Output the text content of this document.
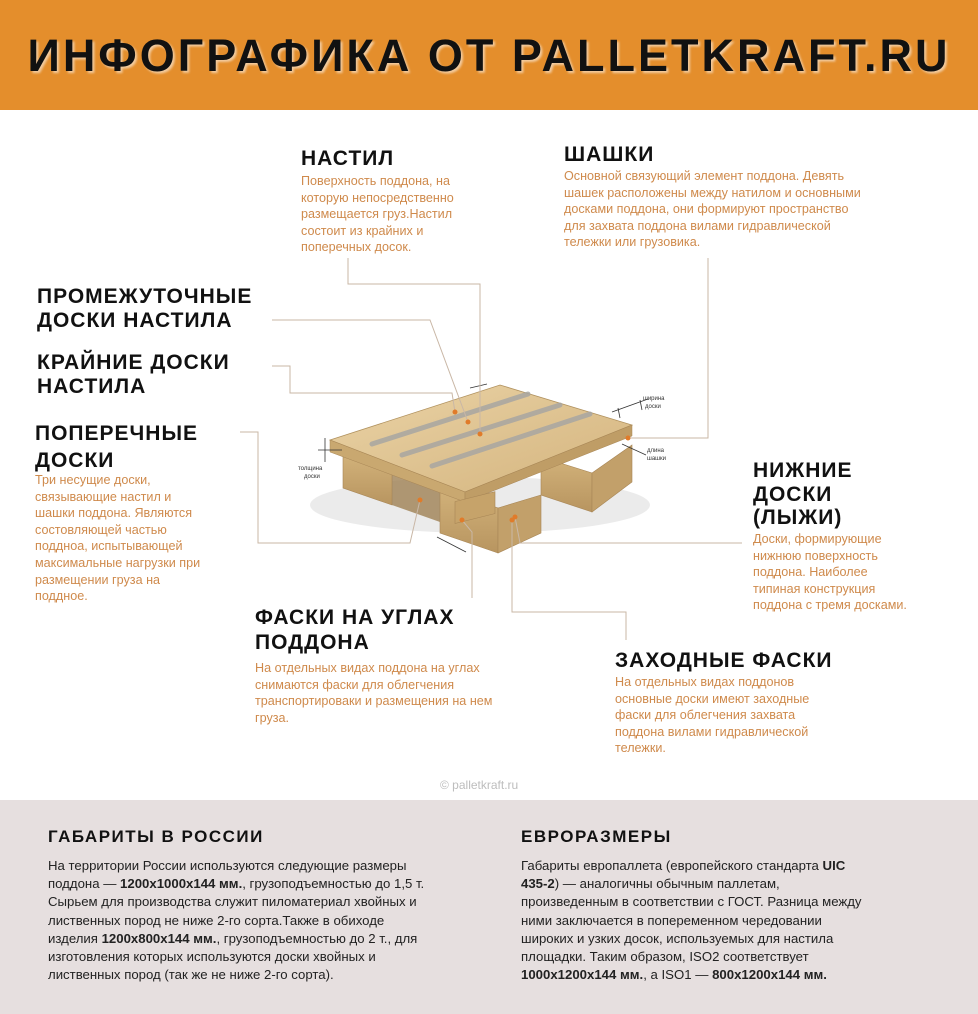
ИНФОГРАФИКА ОТ PALLETKRAFT.RU
толщина
доски
ширина
доски
длина
шашки
НАСТИЛ
Поверхность поддона, на
которую непосредственно
размещается груз.Настил
состоит из крайних и
поперечных досок.
ШАШКИ
Основной связующий элемент поддона. Девять
шашек расположены между натилом и основными
досками поддона, они формируют пространство
для захвата поддона вилами гидравлической
тележки или грузовика.
ПРОМЕЖУТОЧНЫЕ
ДОСКИ НАСТИЛА
КРАЙНИЕ ДОСКИ
НАСТИЛА
ПОПЕРЕЧНЫЕ
ДОСКИ
Три несущие доски,
связывающие настил и
шашки поддона. Являются
состовляющей частью
поддноа, испытывающей
максимальные нагрузки при
размещении груза на
поддное.
НИЖНИЕ
ДОСКИ
(ЛЫЖИ)
Доски, формирующие
нижнюю поверхность
поддона. Наиболее
типиная конструкция
поддона с тремя досками.
ФАСКИ НА УГЛАХ
ПОДДОНА
На отдельных видах поддона на углах
снимаются фаски для облегчения
транспортироваки и размещения на нем
груза.
ЗАХОДНЫЕ ФАСКИ
На отдельных видах поддонов
основные доски имеют заходные
фаски для облегчения захвата
поддона вилами гидравлической
тележки.
© palletkraft.ru
ГАБАРИТЫ В РОССИИ

На территории России используются следующие размеры
поддона — 1200х1000х144 мм., грузоподъемностью до 1,5 т.
Сырьем для производства служит пиломатериал хвойных и
лиственных пород не ниже 2-го сорта.Также в обиходе
изделия 1200х800х144 мм., грузоподъемностью до 2 т., для
изготовления которых используются доски хвойных и
лиственных пород (так же не ниже 2-го сорта).

ЕВРОРАЗМЕРЫ

Габариты европаллета (европейского стандарта UIC
435-2) — аналогичны обычным паллетам,
произведенным в соответствии с ГОСТ. Разница между
ними заключается в попеременном чередовании
широких и узких досок, используемых для настила
площадки. Таким образом, ISO2 соответствует
1000х1200х144 мм., а ISO1 — 800х1200х144 мм.
